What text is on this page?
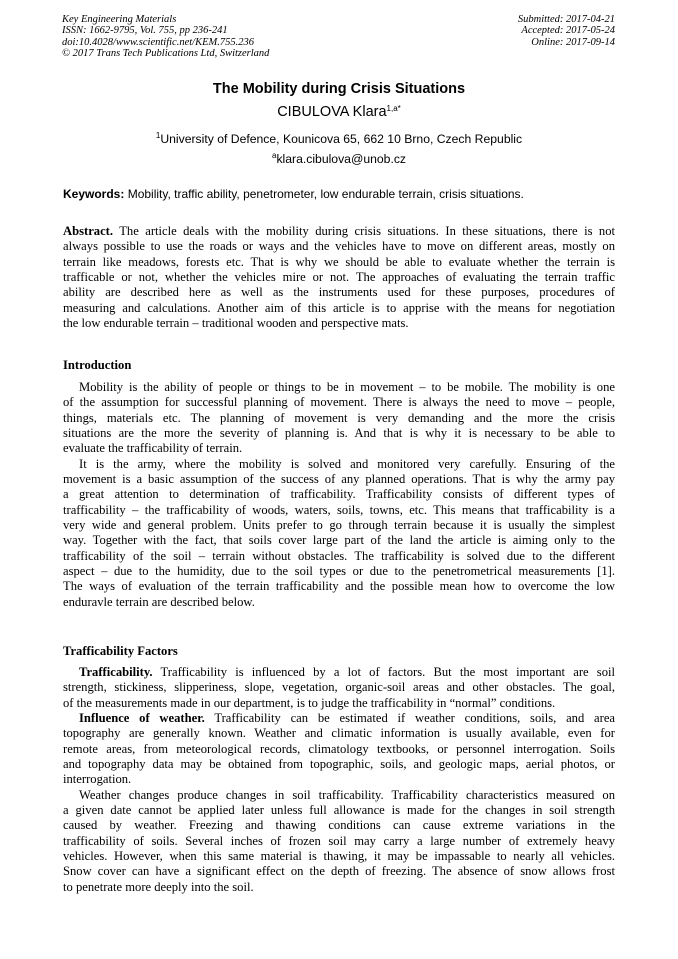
Key Engineering Materials
ISSN: 1662-9795, Vol. 755, pp 236-241
doi:10.4028/www.scientific.net/KEM.755.236
© 2017 Trans Tech Publications Ltd, Switzerland
Submitted: 2017-04-21
Accepted: 2017-05-24
Online: 2017-09-14
The Mobility during Crisis Situations
CIBULOVA Klara$^{1,a*}$
$^1$University of Defence, Kounicova 65, 662 10 Brno, Czech Republic
$^a$klara.cibulova@unob.cz
Keywords: Mobility, traffic ability, penetrometer, low endurable terrain, crisis situations.

Abstract. The article deals with the mobility during crisis situations. In these situations, there is not
always possible to use the roads or ways and the vehicles have to move on different areas, mostly on
terrain like meadows, forests etc. That is why we should be able to evaluate whether the terrain is
trafficable or not, whether the vehicles mire or not. The approaches of evaluating the terrain traffic
ability are described here as well as the instruments used for these purposes, procedures of
measuring and calculations. Another aim of this article is to apprise with the means for negotiation
the low endurable terrain – traditional wooden and perspective mats.

Introduction

Mobility is the ability of people or things to be in movement – to be mobile. The mobility is one
of the assumption for successful planning of movement. There is always the need to move – people,
things, materials etc. The planning of movement is very demanding and the more the crisis
situations are the more the severity of planning is. And that is why it is necessary to be able to
evaluate the trafficability of terrain.

It is the army, where the mobility is solved and monitored very carefully. Ensuring of the
movement is a basic assumption of the success of any planned operations. That is why the army pay
a great attention to determination of trafficability. Trafficability consists of different types of
trafficability – the trafficability of woods, waters, soils, towns, etc. This means that trafficability is a
very wide and general problem. Units prefer to go through terrain because it is usually the simplest
way. Together with the fact, that soils cover large part of the land the article is aiming only to the
trafficability of the soil – terrain without obstacles. The trafficability is solved due to the different
aspect – due to the humidity, due to the soil types or due to the penetrometrical measurements [1].
The ways of evaluation of the terrain trafficability and the possible mean how to overcome the low
enduravle terrain are described below.

Trafficability Factors

Trafficability. Trafficability is influenced by a lot of factors. But the most important are soil
strength, stickiness, slipperiness, slope, vegetation, organic-soil areas and other obstacles. The goal,
of the measurements made in our department, is to judge the trafficability in “normal” conditions.

Influence of weather. Trafficability can be estimated if weather conditions, soils, and area
topography are generally known. Weather and climatic information is usually available, even for
remote areas, from meteorological records, climatology textbooks, or personnel interrogation. Soils
and topography data may be obtained from topographic, soils, and geologic maps, aerial photos, or
interrogation.

Weather changes produce changes in soil trafficability. Trafficability characteristics measured on
a given date cannot be applied later unless full allowance is made for the changes in soil strength
caused by weather. Freezing and thawing conditions can cause extreme variations in the
trafficability of soils. Several inches of frozen soil may carry a large number of extremely heavy
vehicles. However, when this same material is thawing, it may be impassable to nearly all vehicles.
Snow cover can have a significant effect on the depth of freezing. The absence of snow allows frost
to penetrate more deeply into the soil.
